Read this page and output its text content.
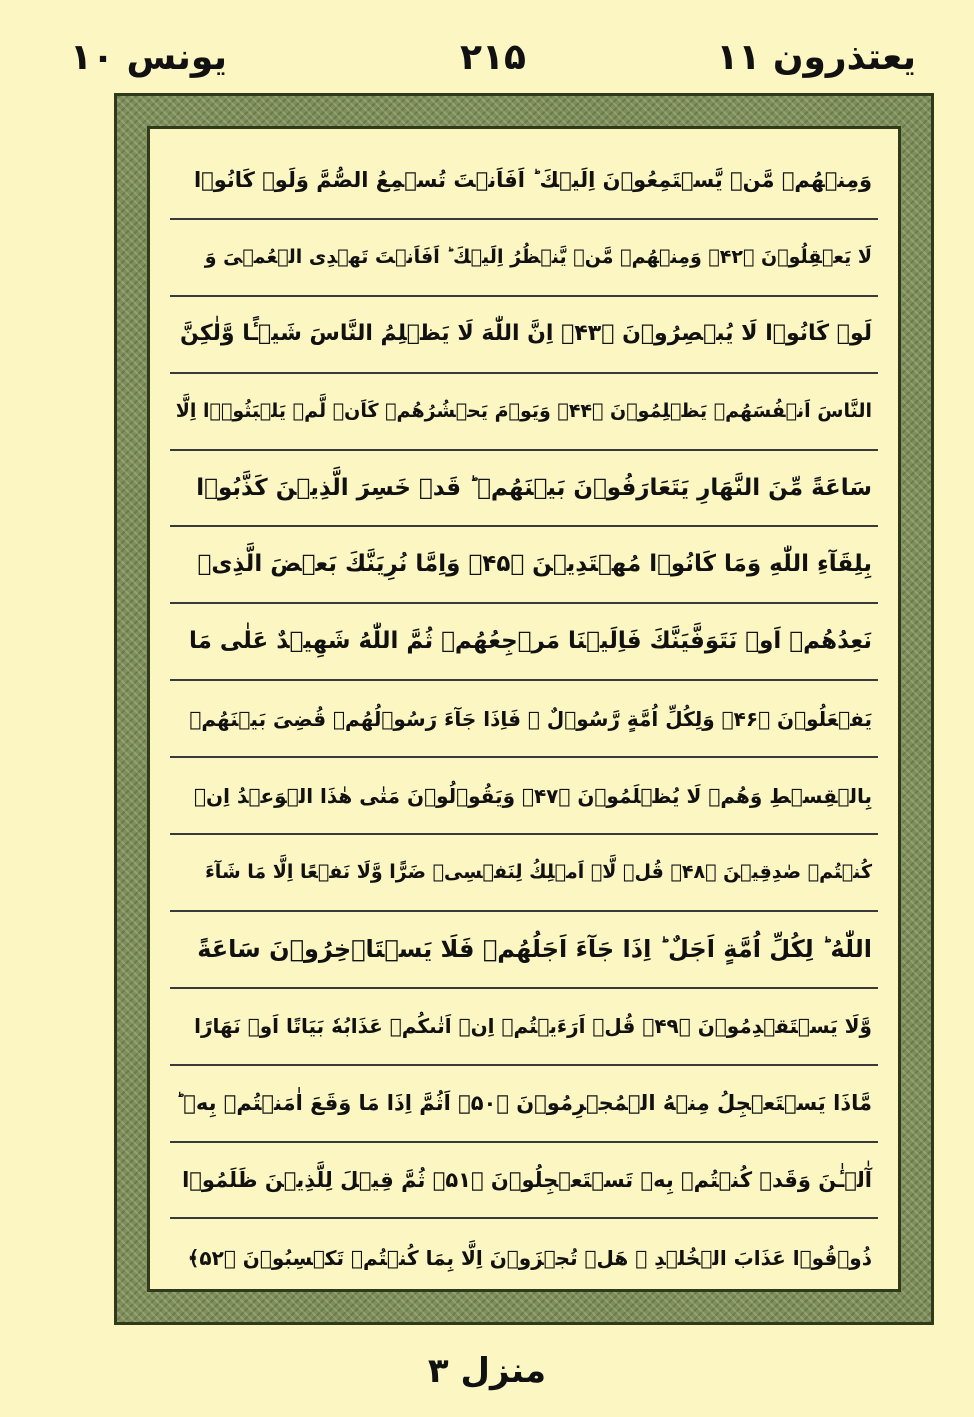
یعتذرون ۱۱
۲۱۵
یونس ۱۰
وَمِنۡهُمۡ مَّنۡ یَّسۡتَمِعُوۡنَ اِلَیۡكَ ؕ اَفَاَنۡتَ تُسۡمِعُ الصُّمَّ وَلَوۡ كَانُوۡا
لَا یَعۡقِلُوۡنَ ﴿۴۲﴾ وَمِنۡهُمۡ مَّنۡ یَّنۡظُرُ اِلَیۡكَ ؕ اَفَاَنۡتَ تَهۡدِی الۡعُمۡیَ وَ
لَوۡ كَانُوۡا لَا یُبۡصِرُوۡنَ ﴿۴۳﴾ اِنَّ اللّٰهَ لَا یَظۡلِمُ النَّاسَ شَیۡـًٔا وَّلٰكِنَّ
النَّاسَ اَنۡفُسَهُمۡ یَظۡلِمُوۡنَ ﴿۴۴﴾ وَیَوۡمَ یَحۡشُرُهُمۡ كَاَنۡ لَّمۡ یَلۡبَثُوۡۤا اِلَّا
سَاعَةً مِّنَ النَّهَارِ یَتَعَارَفُوۡنَ بَیۡنَهُمۡ ؕ قَدۡ خَسِرَ الَّذِیۡنَ كَذَّبُوۡا
بِلِقَآءِ اللّٰهِ وَمَا كَانُوۡا مُهۡتَدِیۡنَ ﴿۴۵﴾ وَاِمَّا نُرِیَنَّكَ بَعۡضَ الَّذِیۡ
نَعِدُهُمۡ اَوۡ نَتَوَفَّیَنَّكَ فَاِلَیۡنَا مَرۡجِعُهُمۡ ثُمَّ اللّٰهُ شَهِیۡدٌ عَلٰی مَا
یَفۡعَلُوۡنَ ﴿۴۶﴾ وَلِكُلِّ اُمَّةٍ رَّسُوۡلٌ ۚ فَاِذَا جَآءَ رَسُوۡلُهُمۡ قُضِیَ بَیۡنَهُمۡ
بِالۡقِسۡطِ وَهُمۡ لَا یُظۡلَمُوۡنَ ﴿۴۷﴾ وَیَقُوۡلُوۡنَ مَتٰی هٰذَا الۡوَعۡدُ اِنۡ
كُنۡتُمۡ صٰدِقِیۡنَ ﴿۴۸﴾ قُلۡ لَّاۤ اَمۡلِكُ لِنَفۡسِیۡ ضَرًّا وَّلَا نَفۡعًا اِلَّا مَا شَآءَ
اللّٰهُ ؕ لِكُلِّ اُمَّةٍ اَجَلٌ ؕ اِذَا جَآءَ اَجَلُهُمۡ فَلَا یَسۡتَاۡخِرُوۡنَ سَاعَةً
وَّلَا یَسۡتَقۡدِمُوۡنَ ﴿۴۹﴾ قُلۡ اَرَءَیۡتُمۡ اِنۡ اَتٰىكُمۡ عَذَابُهٗ بَیَاتًا اَوۡ نَهَارًا
مَّاذَا یَسۡتَعۡجِلُ مِنۡهُ الۡمُجۡرِمُوۡنَ ﴿۵۰﴾ اَثُمَّ اِذَا مَا وَقَعَ اٰمَنۡتُمۡ بِهٖ ؕ
آٰلۡـٰٔنَ وَقَدۡ كُنۡتُمۡ بِهٖ تَسۡتَعۡجِلُوۡنَ ﴿۵۱﴾ ثُمَّ قِیۡلَ لِلَّذِیۡنَ ظَلَمُوۡا
ذُوۡقُوۡا عَذَابَ الۡخُلۡدِ ۚ هَلۡ تُجۡزَوۡنَ اِلَّا بِمَا كُنۡتُمۡ تَكۡسِبُوۡنَ ﴿۵۲﴾
منزل ۳
